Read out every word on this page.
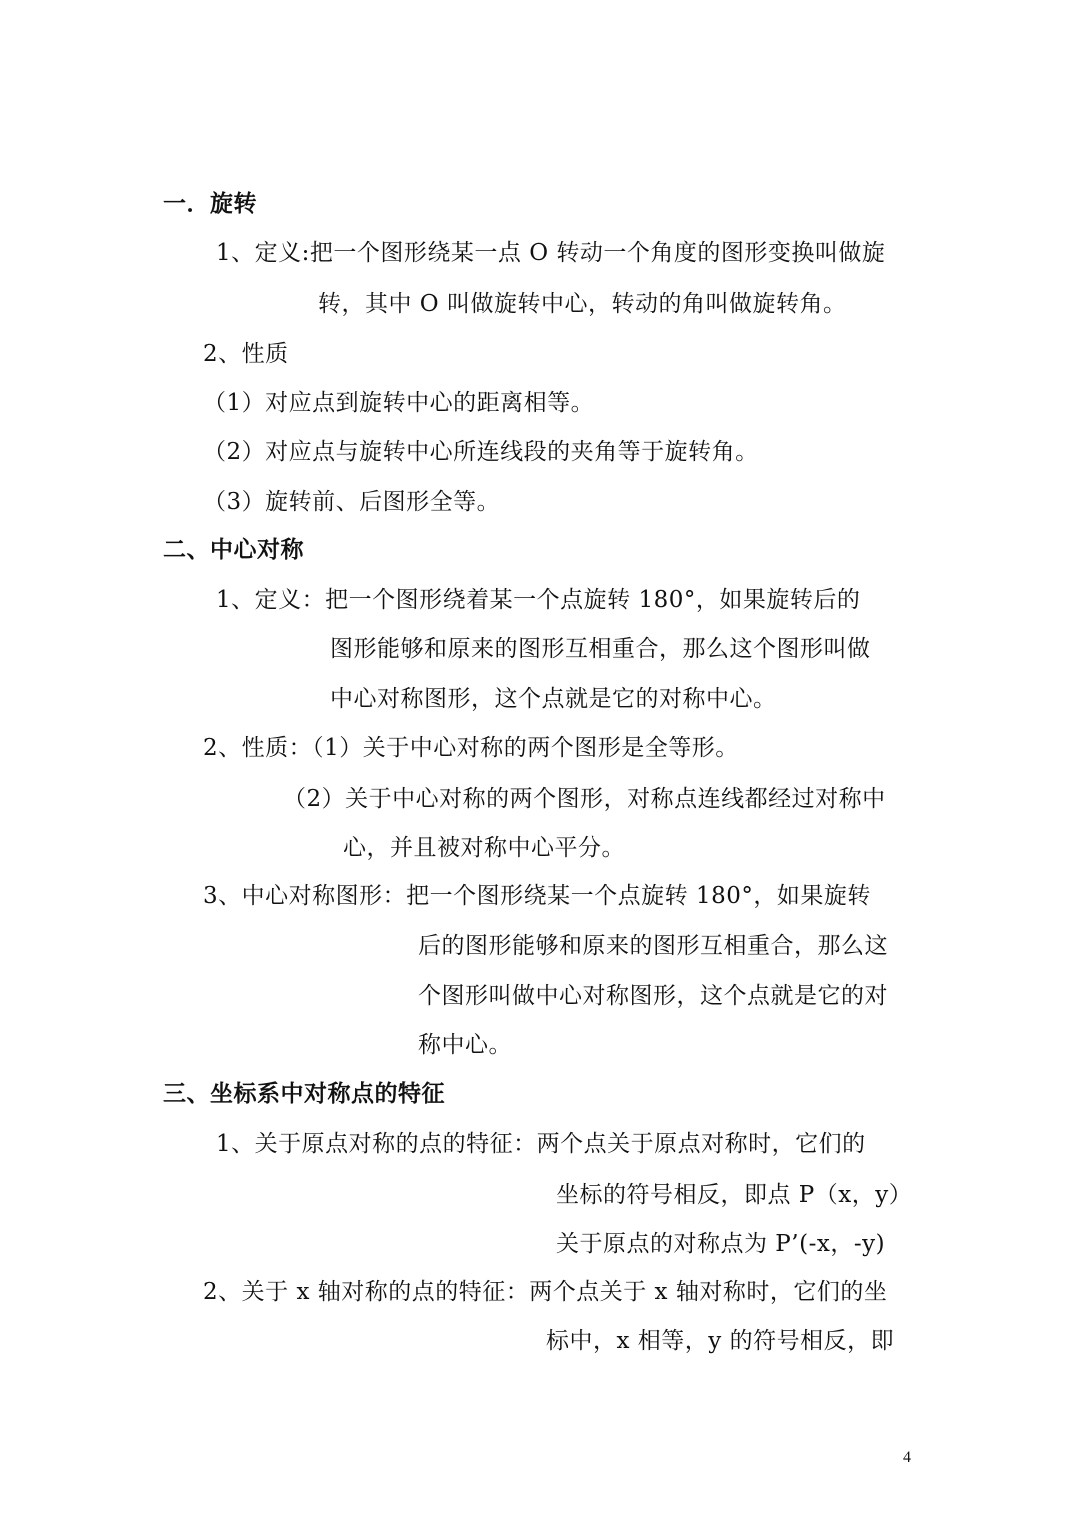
一．旋转
1、定义:把一个图形绕某一点 O 转动一个角度的图形变换叫做旋
转，其中 O 叫做旋转中心，转动的角叫做旋转角。
2、性质
（1）对应点到旋转中心的距离相等。
（2）对应点与旋转中心所连线段的夹角等于旋转角。
（3）旋转前、后图形全等。
二、中心对称
1、定义：把一个图形绕着某一个点旋转 180°，如果旋转后的
图形能够和原来的图形互相重合，那么这个图形叫做
中心对称图形，这个点就是它的对称中心。
2、性质：（1）关于中心对称的两个图形是全等形。
（2）关于中心对称的两个图形，对称点连线都经过对称中
心，并且被对称中心平分。
3、中心对称图形：把一个图形绕某一个点旋转 180°，如果旋转
后的图形能够和原来的图形互相重合，那么这
个图形叫做中心对称图形，这个点就是它的对
称中心。
三、坐标系中对称点的特征
1、关于原点对称的点的特征：两个点关于原点对称时，它们的
坐标的符号相反，即点 P（x，y）
关于原点的对称点为 P’(-x，-y)
2、关于 x 轴对称的点的特征：两个点关于 x 轴对称时，它们的坐
标中，x 相等，y 的符号相反，即
4
